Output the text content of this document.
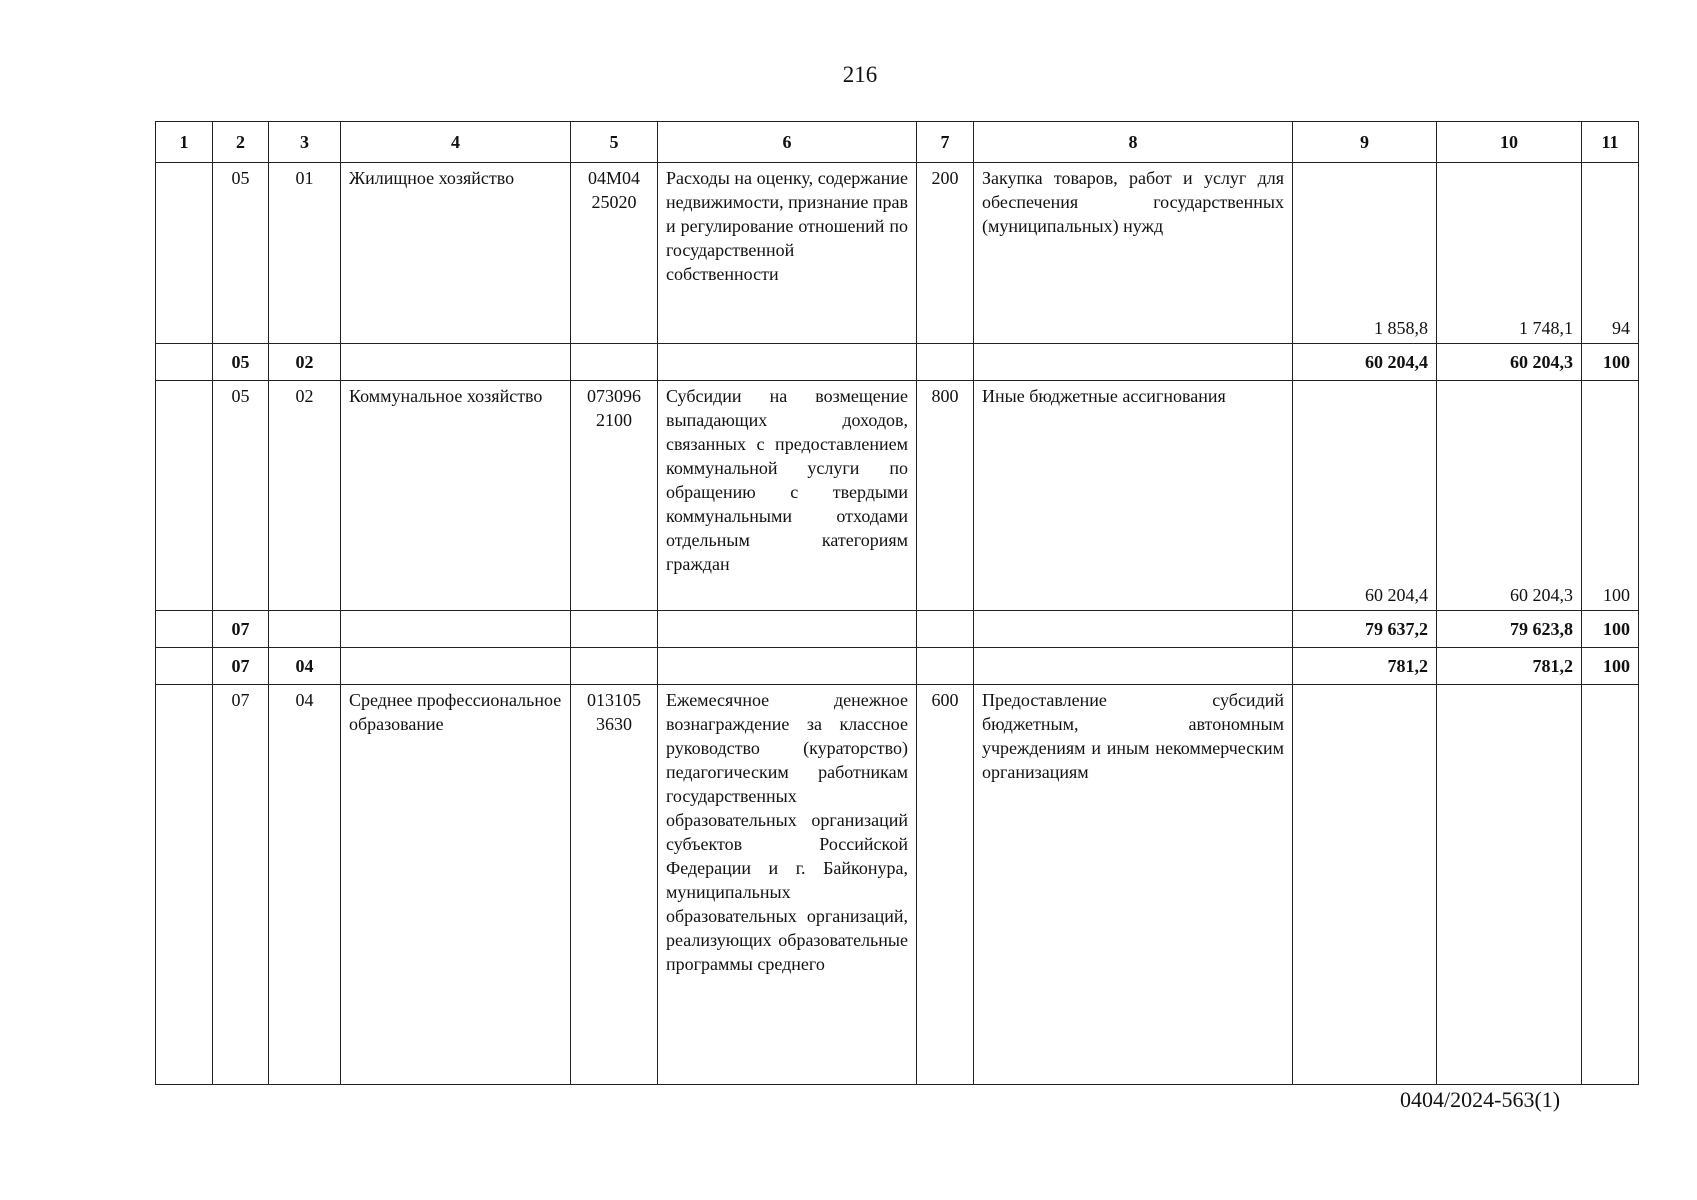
216
1	2	3	4	5	6	7	8	9	10	11
	05	01	Жилищное хозяйство	04М04 25020	Расходы на оценку, содержание недвижимости, признание прав и регулирование отношений по государственной собственности	200	Закупка товаров, работ и услуг для обеспечения государственных (муниципальных) нужд	1 858,8	1 748,1	94
	05	02						60 204,4	60 204,3	100
	05	02	Коммунальное хозяйство	073096 2100	Субсидии на возмещение выпадающих доходов, связанных с предоставлением коммунальной услуги по обращению с твердыми коммунальными отходами отдельным категориям граждан	800	Иные бюджетные ассигнования	60 204,4	60 204,3	100
	07							79 637,2	79 623,8	100
	07	04						781,2	781,2	100
	07	04	Среднее профессиональное образование	013105 3630	Ежемесячное денежное вознаграждение за классное руководство (кураторство) педагогическим работникам государственных образовательных организаций субъектов Российской Федерации и г. Байконура, муниципальных образовательных организаций, реализующих образовательные программы среднего	600	Предоставление субсидий бюджетным, автономным учреждениям и иным некоммерческим организациям			
0404/2024-563(1)
